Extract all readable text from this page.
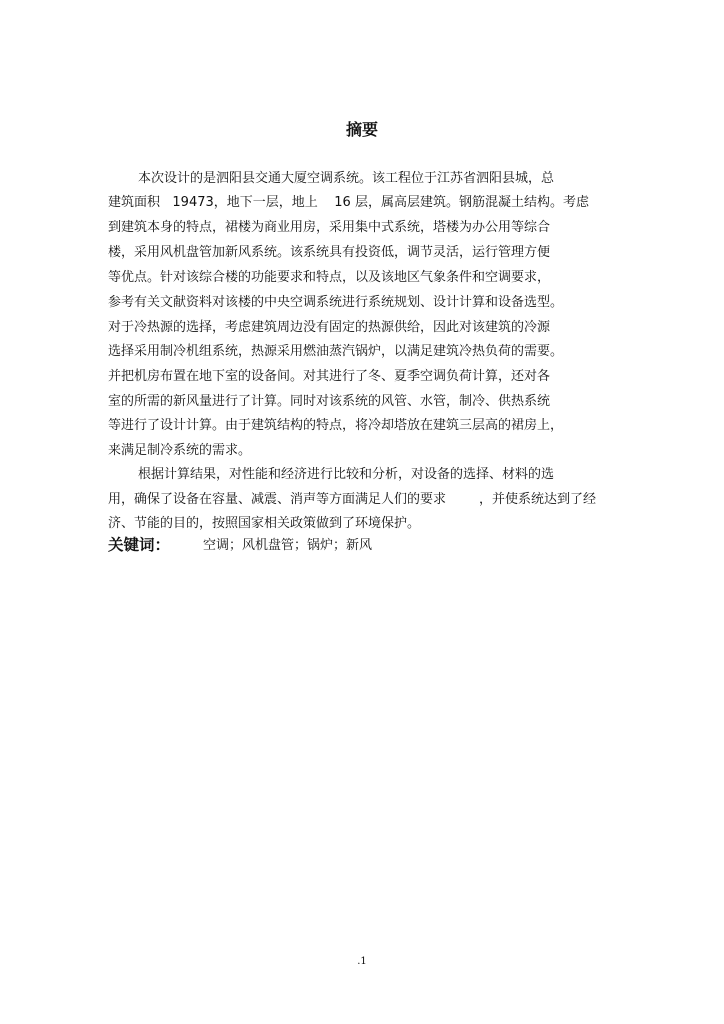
摘要
本次设计的是泗阳县交通大厦空调系统。该工程位于江苏省泗阳县城，总
建筑面积   19473，地下一层，地上    16 层，属高层建筑。钢筋混凝土结构。考虑
到建筑本身的特点，裙楼为商业用房，采用集中式系统，塔楼为办公用等综合
楼，采用风机盘管加新风系统。该系统具有投资低，调节灵活，运行管理方便
等优点。针对该综合楼的功能要求和特点，以及该地区气象条件和空调要求，
参考有关文献资料对该楼的中央空调系统进行系统规划、设计计算和设备选型。
对于冷热源的选择，考虑建筑周边没有固定的热源供给，因此对该建筑的冷源
选择采用制冷机组系统，热源采用燃油蒸汽锅炉，以满足建筑冷热负荷的需要。
并把机房布置在地下室的设备间。对其进行了冬、夏季空调负荷计算，还对各
室的所需的新风量进行了计算。同时对该系统的风管、水管，制冷、供热系统
等进行了设计计算。由于建筑结构的特点，将冷却塔放在建筑三层高的裙房上，
来满足制冷系统的需求。
根据计算结果，对性能和经济进行比较和分析，对设备的选择、材料的选
用，确保了设备在容量、减震、消声等方面满足人们的要求        ，并使系统达到了经
济、节能的目的，按照国家相关政策做到了环境保护。
关键词：	空调；风机盘管；锅炉；新风
.1
